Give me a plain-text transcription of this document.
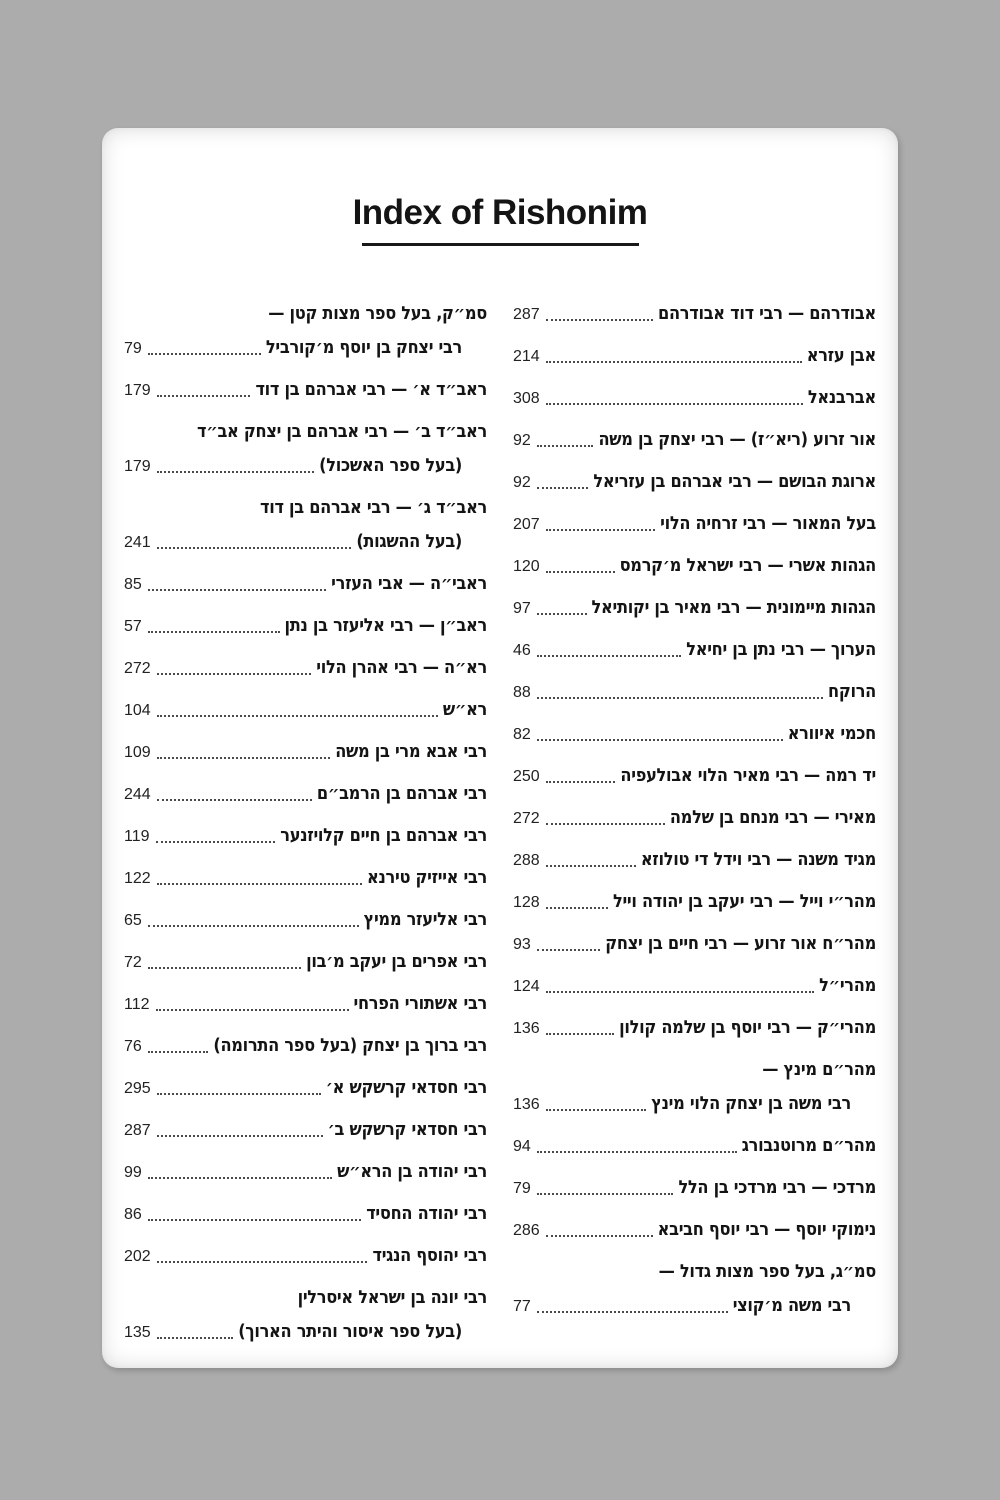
Index of Rishonim
אבודרהם — רבי דוד אבודרהם
287
אבן עזרא
214
אברבנאל
308
אור זרוע (ריא״ז) — רבי יצחק בן משה
92
ארוגת הבושם — רבי אברהם בן עזריאל
92
בעל המאור — רבי זרחיה הלוי
207
הגהות אשרי — רבי ישראל מ׳קרמס
120
הגהות מיימונית — רבי מאיר בן יקותיאל
97
הערוך — רבי נתן בן יחיאל
46
הרוקח
88
חכמי איוורא
82
יד רמה — רבי מאיר הלוי אבולעפיה
250
מאירי — רבי מנחם בן שלמה
272
מגיד משנה — רבי וידל די טולוזא
288
מהר״י וייל — רבי יעקב בן יהודה וייל
128
מהר״ח אור זרוע — רבי חיים בן יצחק
93
מהרי״ל
124
מהרי״ק — רבי יוסף בן שלמה קולון
136
מהר״ם מינץ —
רבי משה בן יצחק הלוי מינץ
136
מהר״ם מרוטנבורג
94
מרדכי — רבי מרדכי בן הלל
79
נימוקי יוסף — רבי יוסף חביבא
286
סמ״ג, בעל ספר מצות גדול —
רבי משה מ׳קוצי
77
סמ״ק, בעל ספר מצות קטן —
רבי יצחק בן יוסף מ׳קורביל
79
ראב״ד א׳ — רבי אברהם בן דוד
179
ראב״ד ב׳ — רבי אברהם בן יצחק אב״ד
(בעל ספר האשכול)
179
ראב״ד ג׳ — רבי אברהם בן דוד
(בעל ההשגות)
241
ראבי״ה — אבי העזרי
85
ראב״ן — רבי אליעזר בן נתן
57
רא״ה — רבי אהרן הלוי
272
רא״ש
104
רבי אבא מרי בן משה
109
רבי אברהם בן הרמב״ם
244
רבי אברהם בן חיים קלויזנער
119
רבי אייזיק טירנא
122
רבי אליעזר ממיץ
65
רבי אפרים בן יעקב מ׳בון
72
רבי אשתורי הפרחי
112
רבי ברוך בן יצחק (בעל ספר התרומה)
76
רבי חסדאי קרשקש א׳
295
רבי חסדאי קרשקש ב׳
287
רבי יהודה בן הרא״ש
99
רבי יהודה החסיד
86
רבי יהוסף הנגיד
202
רבי יונה בן ישראל איסרלין
(בעל ספר איסור והיתר הארוך)
135
